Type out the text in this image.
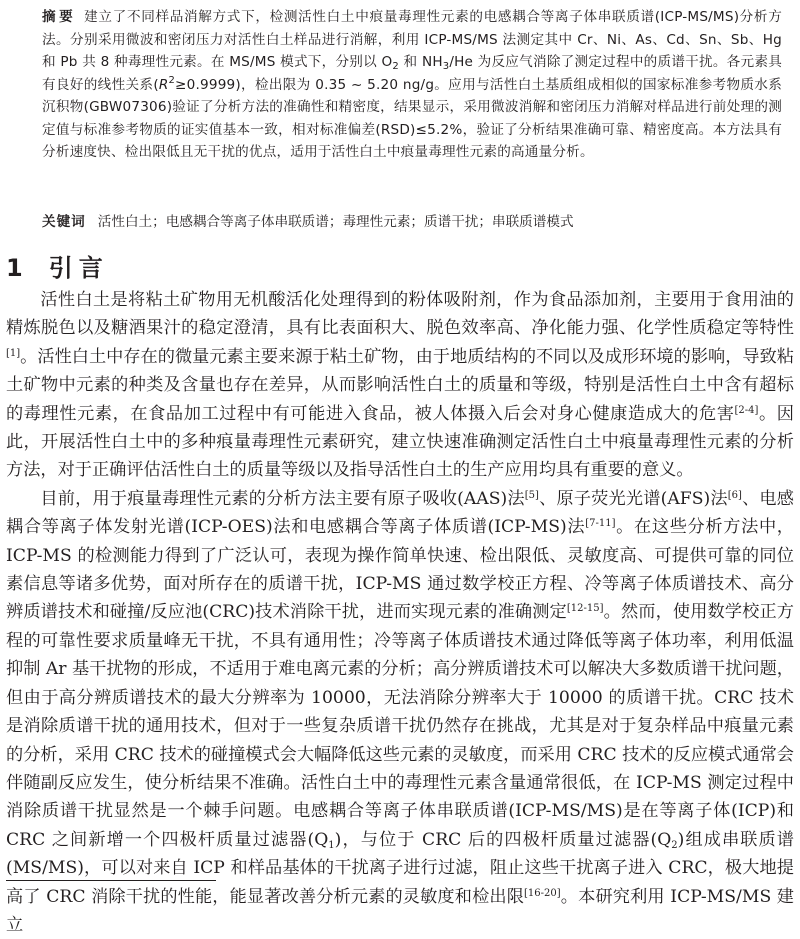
摘要 建立了不同样品消解方式下，检测活性白土中痕量毒理性元素的电感耦合等离子体串联质谱(ICP-MS/MS)分析方法。分别采用微波和密闭压力对活性白土样品进行消解，利用 ICP-MS/MS 法测定其中 Cr、Ni、As、Cd、Sn、Sb、Hg 和 Pb 共 8 种毒理性元素。在 MS/MS 模式下，分别以 $O_2$ 和 $NH_3/He$ 为反应气消除了测定过程中的质谱干扰。各元素具有良好的线性关系$(R^2\ge 0.9999)$，检出限为 0.35 ~ 5.20 ng/g。应用与活性白土基质组成相似的国家标准参考物质水系沉积物(GBW07306)验证了分析方法的准确性和精密度，结果显示，采用微波消解和密闭压力消解对样品进行前处理的测定值与标准参考物质的证实值基本一致，相对标准偏差(RSD)≤5.2%，验证了分析结果准确可靠、精密度高。本方法具有分析速度快、检出限低且无干扰的优点，适用于活性白土中痕量毒理性元素的高通量分析。
关键词 活性白土；电感耦合等离子体串联质谱；毒理性元素；质谱干扰；串联质谱模式
1 引言

活性白土是将粘土矿物用无机酸活化处理得到的粉体吸附剂，作为食品添加剂，主要用于食用油的精炼脱色以及糖酒果汁的稳定澄清，具有比表面积大、脱色效率高、净化能力强、化学性质稳定等特性[1]。活性白土中存在的微量元素主要来源于粘土矿物，由于地质结构的不同以及成形环境的影响，导致粘土矿物中元素的种类及含量也存在差异，从而影响活性白土的质量和等级，特别是活性白土中含有超标的毒理性元素，在食品加工过程中有可能进入食品，被人体摄入后会对身心健康造成大的危害[2-4]。因此，开展活性白土中的多种痕量毒理性元素研究，建立快速准确测定活性白土中痕量毒理性元素的分析方法，对于正确评估活性白土的质量等级以及指导活性白土的生产应用均具有重要的意义。

目前，用于痕量毒理性元素的分析方法主要有原子吸收(AAS)法[5]、原子荧光光谱(AFS)法[6]、电感耦合等离子体发射光谱(ICP-OES)法和电感耦合等离子体质谱(ICP-MS)法[7-11]。在这些分析方法中，ICP-MS 的检测能力得到了广泛认可，表现为操作简单快速、检出限低、灵敏度高、可提供可靠的同位素信息等诸多优势，面对所存在的质谱干扰，ICP-MS 通过数学校正方程、冷等离子体质谱技术、高分辨质谱技术和碰撞/反应池(CRC)技术消除干扰，进而实现元素的准确测定[12-15]。然而，使用数学校正方程的可靠性要求质量峰无干扰，不具有通用性；冷等离子体质谱技术通过降低等离子体功率，利用低温抑制 Ar 基干扰物的形成，不适用于难电离元素的分析；高分辨质谱技术可以解决大多数质谱干扰问题，但由于高分辨质谱技术的最大分辨率为 10000，无法消除分辨率大于 10000 的质谱干扰。CRC 技术是消除质谱干扰的通用技术，但对于一些复杂质谱干扰仍然存在挑战，尤其是对于复杂样品中痕量元素的分析，采用 CRC 技术的碰撞模式会大幅降低这些元素的灵敏度，而采用 CRC 技术的反应模式通常会伴随副反应发生，使分析结果不准确。活性白土中的毒理性元素含量通常很低，在 ICP-MS 测定过程中消除质谱干扰显然是一个棘手问题。电感耦合等离子体串联质谱(ICP-MS/MS)是在等离子体(ICP)和 CRC 之间新增一个四极杆质量过滤器$(Q_1)$，与位于 CRC 后的四极杆质量过滤器$(Q_2)$组成串联质谱(MS/MS)，可以对来自 ICP 和样品基体的干扰离子进行过滤，阻止这些干扰离子进入 CRC，极大地提高了 CRC 消除干扰的性能，能显著改善分析元素的灵敏度和检出限[16-20]。本研究利用 ICP-MS/MS 建立
